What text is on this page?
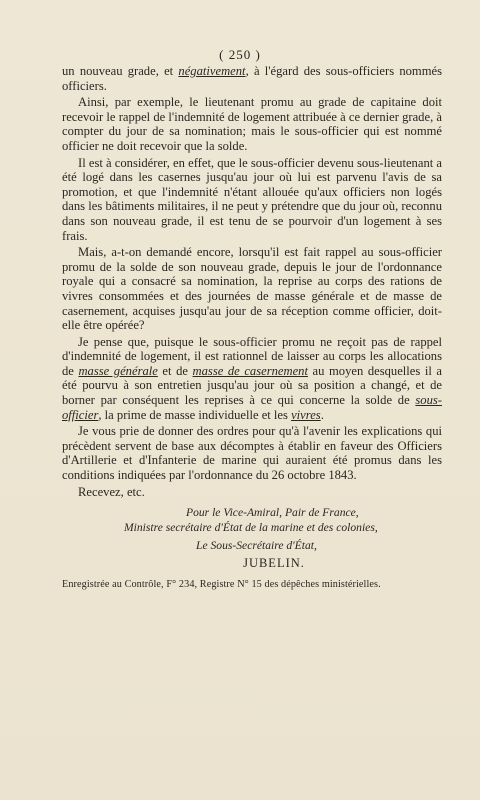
( 250 )

un nouveau grade, et négativement, à l'égard des sous-officiers nommés officiers.

Ainsi, par exemple, le lieutenant promu au grade de capitaine doit recevoir le rappel de l'indemnité de logement attribuée à ce dernier grade, à compter du jour de sa nomination; mais le sous-officier qui est nommé officier ne doit recevoir que la solde.

Il est à considérer, en effet, que le sous-officier devenu sous-lieutenant a été logé dans les casernes jusqu'au jour où lui est parvenu l'avis de sa promotion, et que l'indemnité n'étant allouée qu'aux officiers non logés dans les bâtiments militaires, il ne peut y prétendre que du jour où, reconnu dans son nouveau grade, il est tenu de se pourvoir d'un logement à ses frais.

Mais, a-t-on demandé encore, lorsqu'il est fait rappel au sous-officier promu de la solde de son nouveau grade, depuis le jour de l'ordonnance royale qui a consacré sa nomination, la reprise au corps des rations de vivres consommées et des journées de masse générale et de masse de casernement, acquises jusqu'au jour de sa réception comme officier, doit-elle être opérée?

Je pense que, puisque le sous-officier promu ne reçoit pas de rappel d'indemnité de logement, il est rationnel de laisser au corps les allocations de masse générale et de masse de casernement au moyen desquelles il a été pourvu à son entretien jusqu'au jour où sa position a changé, et de borner par conséquent les reprises à ce qui concerne la solde de sous-officier, la prime de masse individuelle et les vivres.

Je vous prie de donner des ordres pour qu'à l'avenir les explications qui précèdent servent de base aux décomptes à établir en faveur des Officiers d'Artillerie et d'Infanterie de marine qui auraient été promus dans les conditions indiquées par l'ordonnance du 26 octobre 1843.

Recevez, etc.

Pour le Vice-Amiral, Pair de France,
Ministre secrétaire d'État de la marine et des colonies,
Le Sous-Secrétaire d'État,
JUBELIN.
Enregistrée au Contrôle, F° 234, Registre N° 15 des dépêches ministérielles.
